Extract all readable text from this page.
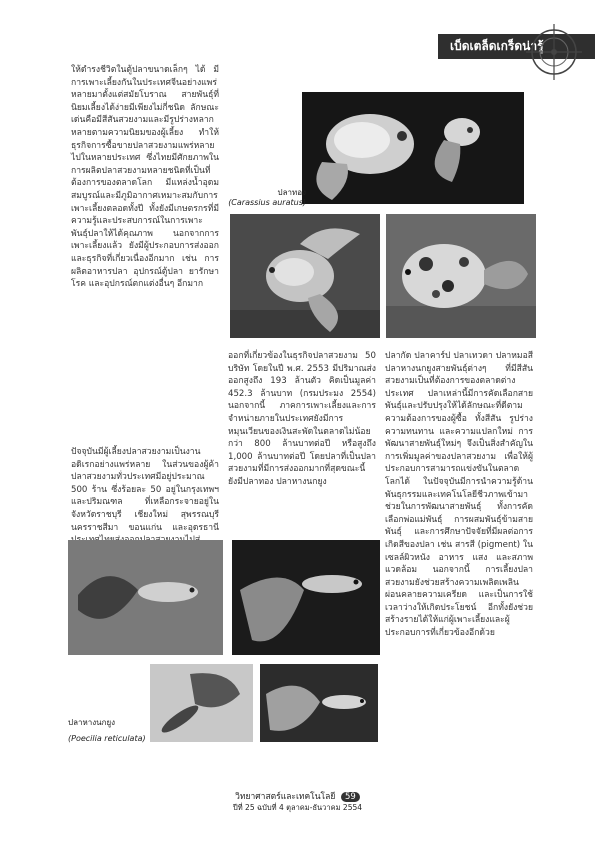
เบ็ดเตล็ดเกร็ดน่ารู้
ให้ดำรงชีวิตในตู้ปลาขนาดเล็กๆ ได้ มีการเพาะเลี้ยงกันในประเทศจีนอย่างแพร่หลายมาตั้งแต่สมัยโบราณ สายพันธุ์ที่นิยมเลี้ยงได้ง่ายมีเพียงไม่กี่ชนิด ลักษณะเด่นคือมีสีสันสวยงามและมีรูปร่างหลากหลายตามความนิยมของผู้เลี้ยง ทำให้ธุรกิจการซื้อขายปลาสวยงามแพร่หลายไปในหลายประเทศ ซึ่งไทยมีศักยภาพในการผลิตปลาสวยงามหลายชนิดที่เป็นที่ต้องการของตลาดโลก มีแหล่งน้ำอุดมสมบูรณ์และมีภูมิอากาศเหมาะสมกับการเพาะเลี้ยงตลอดทั้งปี ทั้งยังมีเกษตรกรที่มีความรู้และประสบการณ์ในการเพาะพันธุ์ปลาให้ได้คุณภาพ นอกจากการเพาะเลี้ยงแล้ว ยังมีผู้ประกอบการส่งออกและธุรกิจที่เกี่ยวเนื่องอีกมาก เช่น การผลิตอาหารปลา อุปกรณ์ตู้ปลา ยารักษาโรค และอุปกรณ์ตกแต่งอื่นๆ อีกมาก
ปัจจุบันมีผู้เลี้ยงปลาสวยงามเป็นงานอดิเรกอย่างแพร่หลาย ในส่วนของผู้ค้าปลาสวยงามทั่วประเทศมีอยู่ประมาณ 500 ร้าน ซึ่งร้อยละ 50 อยู่ในกรุงเทพฯ และปริมณฑล ที่เหลือกระจายอยู่ในจังหวัดราชบุรี เชียงใหม่ สุพรรณบุรี นครราชสีมา ขอนแก่น และอุดรธานี
ออกที่เกี่ยวข้องในธุรกิจปลาสวยงาม 50 บริษัท โดยในปี พ.ศ. 2553 มีปริมาณส่งออกสูงถึง 193 ล้านตัว คิดเป็นมูลค่า 452.3 ล้านบาท (กรมประมง 2554) นอกจากนี้ ภาคการเพาะเลี้ยงและการจำหน่ายภายในประเทศยังมีการหมุนเวียนของเงินสะพัดในตลาดไม่น้อยกว่า 800 ล้านบาทต่อปี หรือสูงถึง 1,000 ล้านบาทต่อปี โดยปลาที่เป็นปลาสวยงามที่มีการส่งออกมากที่สุดขณะนี้ ยังมีปลาทอง ปลาหางนกยูง
ปลากัด ปลาคาร์ป ปลาเทวดา ปลาหมอสี ปลาหางนกยูงสายพันธุ์ต่างๆ ที่มีสีสันสวยงามเป็นที่ต้องการของตลาดต่างประเทศ ปลาเหล่านี้มีการคัดเลือกสายพันธุ์และปรับปรุงให้ได้ลักษณะที่ดีตามความต้องการของผู้ซื้อ ทั้งสีสัน รูปร่าง ความทนทาน และความแปลกใหม่ การพัฒนาสายพันธุ์ใหม่ๆ จึงเป็นสิ่งสำคัญในการเพิ่มมูลค่าของปลาสวยงาม เพื่อให้ผู้ประกอบการสามารถแข่งขันในตลาดโลกได้ ในปัจจุบันมีการนำความรู้ด้านพันธุกรรมและเทคโนโลยีชีวภาพเข้ามาช่วยในการพัฒนาสายพันธุ์ ทั้งการคัดเลือกพ่อแม่พันธุ์ การผสมพันธุ์ข้ามสายพันธุ์ และการศึกษาปัจจัยที่มีผลต่อการเกิดสีของปลา เช่น สารสี (pigment) ในเซลล์ผิวหนัง อาหาร แสง และสภาพแวดล้อม นอกจากนี้ การเลี้ยงปลาสวยงามยังช่วยสร้างความเพลิดเพลิน ผ่อนคลายความเครียด และเป็นการใช้เวลาว่างให้เกิดประโยชน์ อีกทั้งยังช่วยสร้างรายได้ให้แก่ผู้เพาะเลี้ยงและผู้ประกอบการที่เกี่ยวข้องอีกด้วย
ปลาทอง
(Carassius auratus)
ปลาหางนกยูง
(Poecilia reticulata)
วิทยาศาสตร์และเทคโนโลยี 59
ปีที่ 25 ฉบับที่ 4 ตุลาคม-ธันวาคม 2554
